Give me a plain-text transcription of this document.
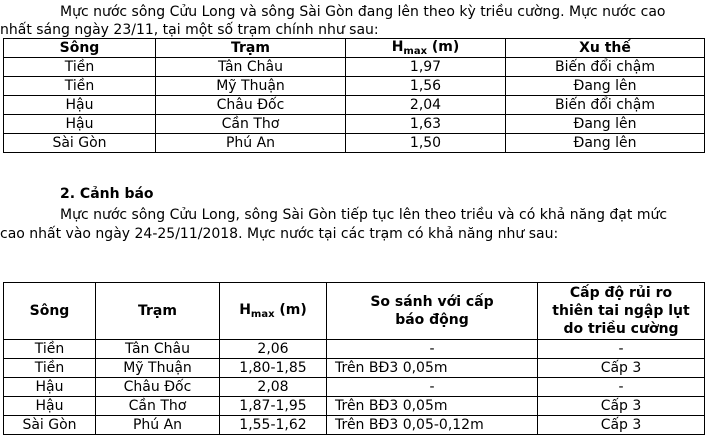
Mực nước sông Cửu Long và sông Sài Gòn đang lên theo kỳ triều cường. Mực nước cao
nhất sáng ngày 23/11, tại một số trạm chính như sau:
Sông	Trạm	$H_{max}$ (m)	Xu thế
Tiền	Tân Châu	1,97	Biến đổi chậm
Tiền	Mỹ Thuận	1,56	Đang lên
Hậu	Châu Đốc	2,04	Biến đổi chậm
Hậu	Cần Thơ	1,63	Đang lên
Sài Gòn	Phú An	1,50	Đang lên
2. Cảnh báo
Mực nước sông Cửu Long, sông Sài Gòn tiếp tục lên theo triều và có khả năng đạt mức
cao nhất vào ngày 24-25/11/2018. Mực nước tại các trạm có khả năng như sau:
Sông	Trạm	$H_{max}$ (m)	So sánh với cấp báo động	Cấp độ rủi ro thiên tai ngập lụt do triều cường
Tiền	Tân Châu	2,06	-	-
Tiền	Mỹ Thuận	1,80-1,85	Trên BĐ3 0,05m	Cấp 3
Hậu	Châu Đốc	2,08	-	-
Hậu	Cần Thơ	1,87-1,95	Trên BĐ3 0,05m	Cấp 3
Sài Gòn	Phú An	1,55-1,62	Trên BĐ3 0,05-0,12m	Cấp 3
